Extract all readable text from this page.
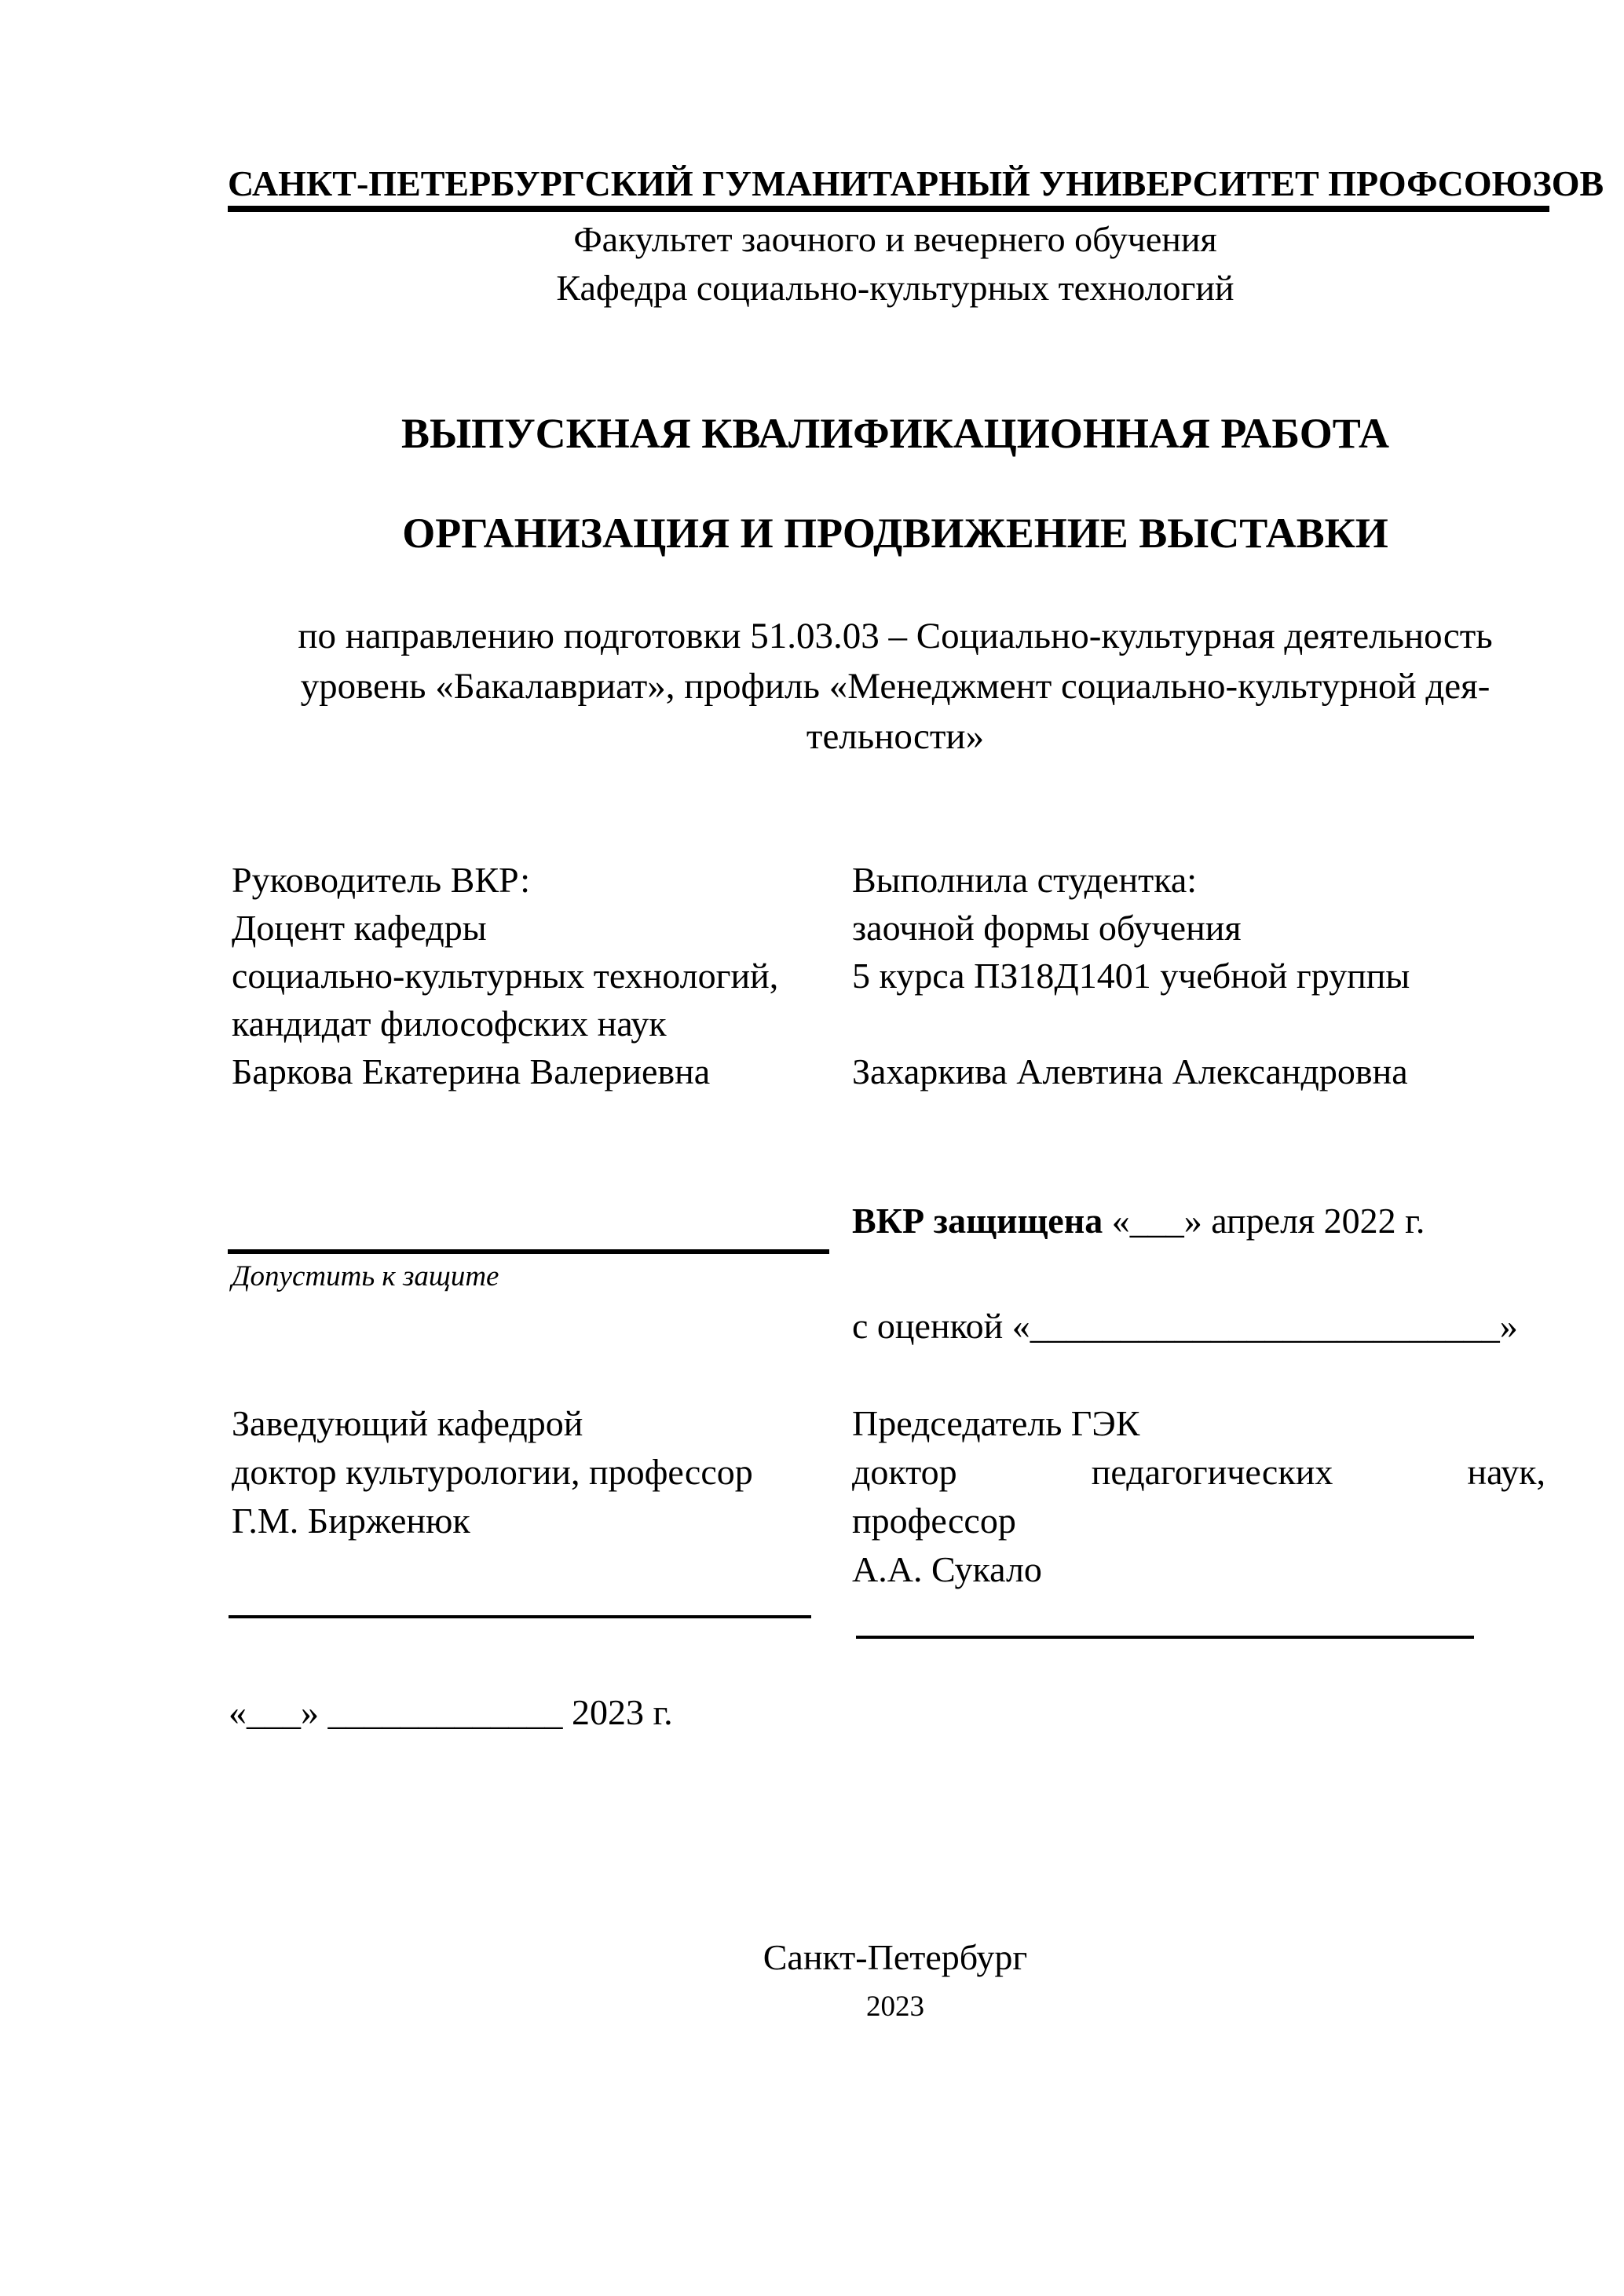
САНКТ-ПЕТЕРБУРГСКИЙ ГУМАНИТАРНЫЙ УНИВЕРСИТЕТ ПРОФСОЮЗОВ
Факультет заочного и вечернего обучения
Кафедра социально-культурных технологий
ВЫПУСКНАЯ КВАЛИФИКАЦИОННАЯ РАБОТА
ОРГАНИЗАЦИЯ И ПРОДВИЖЕНИЕ ВЫСТАВКИ
по направлению подготовки 51.03.03 – Социально-культурная деятельность
уровень «Бакалавриат», профиль «Менеджмент социально-культурной дея-
тельности»
Руководитель ВКР:
Доцент кафедры
социально-культурных технологий,
кандидат философских наук
Баркова Екатерина Валериевна
Выполнила студентка:
заочной формы обучения
5 курса ПЗ18Д1401 учебной группы
Захаркива Алевтина Александровна
ВКР защищена «___» апреля 2022 г.
Допустить к защите
с оценкой «__________________________»
Заведующий кафедрой
доктор культурологии, профессор
Г.М. Бирженюк
Председатель ГЭК
доктор	педагогических	наук,
профессор
А.А. Сукало
«___» _____________ 2023 г.
Санкт-Петербург
2023
